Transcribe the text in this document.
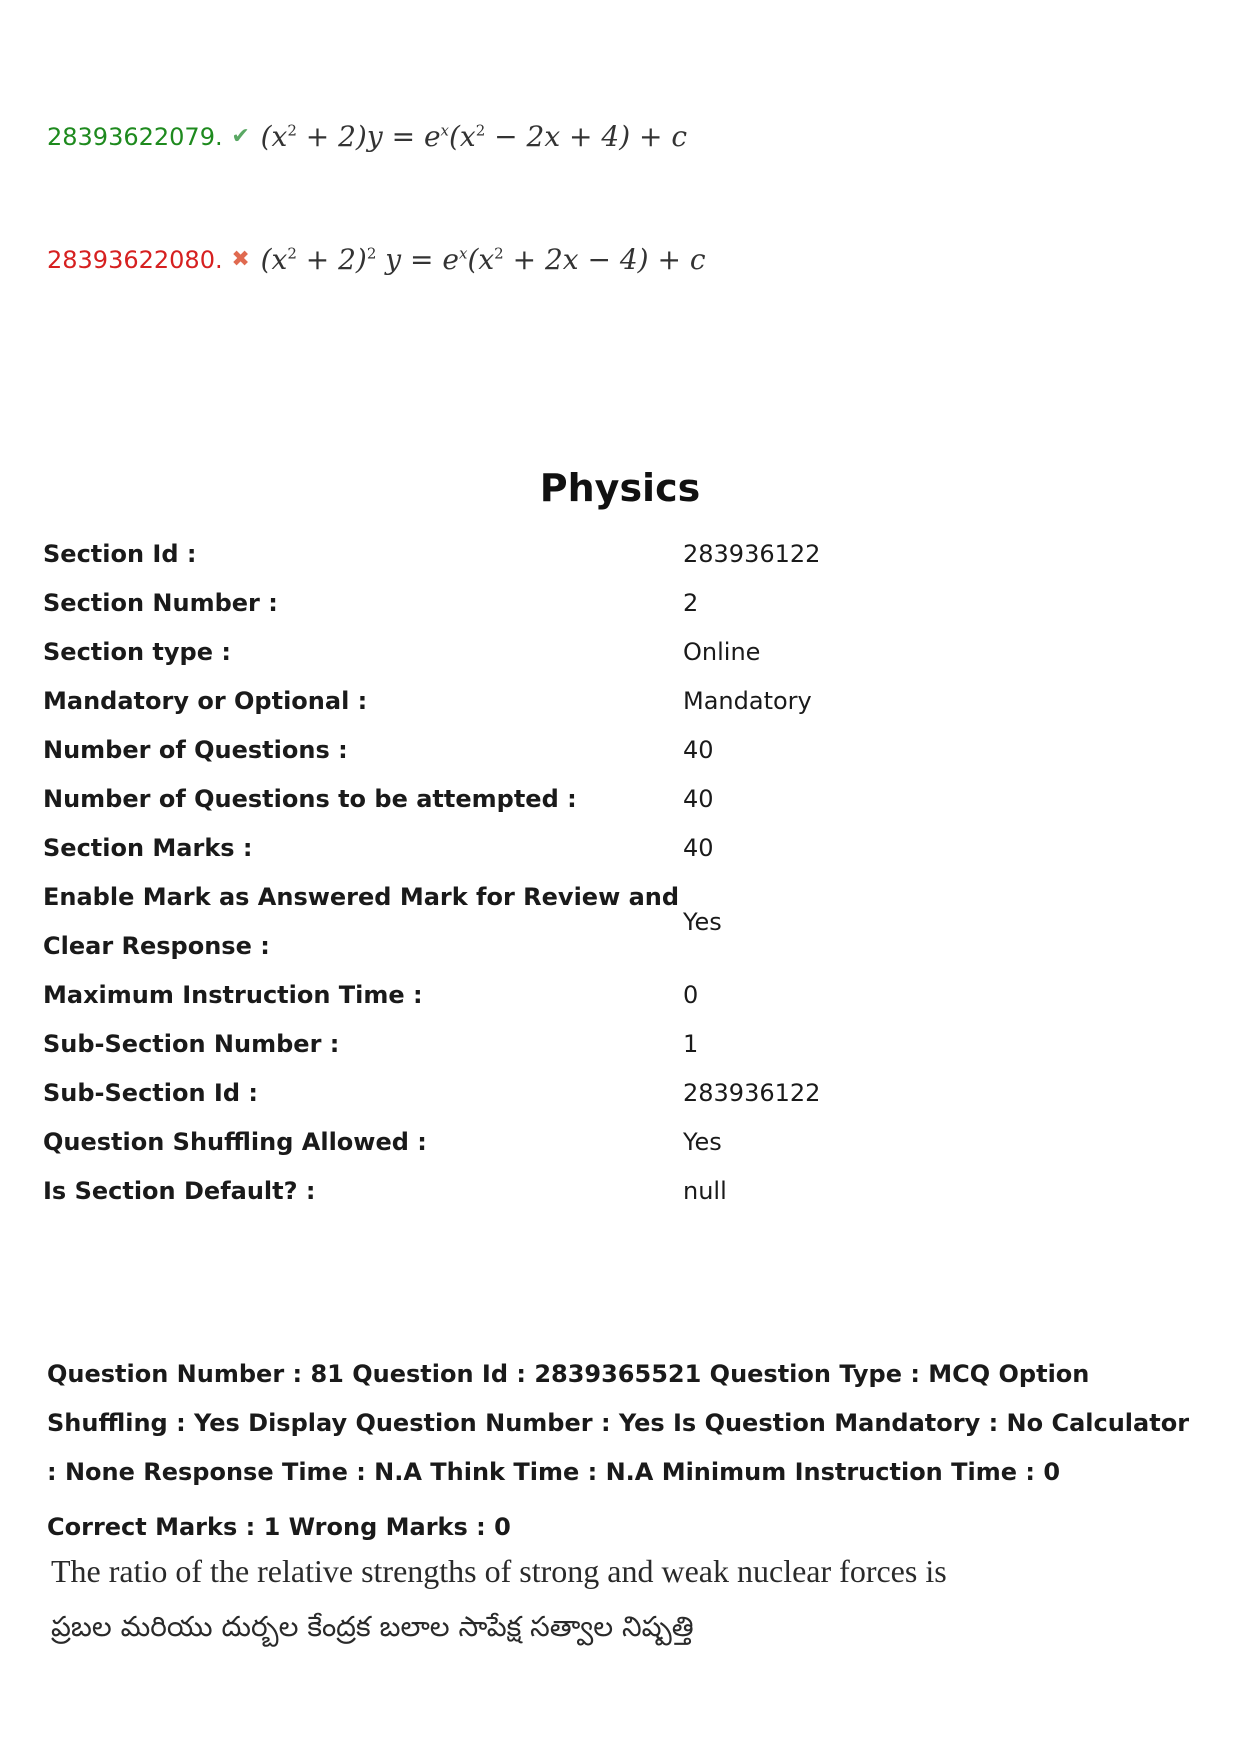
28393622079. ✔ $(x^2 + 2)y = e^x(x^2 - 2x + 4) + c$
28393622080. ✖ $(x^2 + 2)^2$ $y = e^x(x^2 + 2x - 4) + c$
Physics
Section Id :	283936122
Section Number :	2
Section type :	Online
Mandatory or Optional :	Mandatory
Number of Questions :	40
Number of Questions to be attempted :	40
Section Marks :	40
Enable Mark as Answered Mark for Review and Clear Response :
Yes
Maximum Instruction Time :	0
Sub-Section Number :	1
Sub-Section Id :	283936122
Question Shuffling Allowed :	Yes
Is Section Default? :	null
Question Number : 81 Question Id : 2839365521 Question Type : MCQ Option Shuffling : Yes Display Question Number : Yes Is Question Mandatory : No Calculator : None Response Time : N.A Think Time : N.A Minimum Instruction Time : 0
Correct Marks : 1 Wrong Marks : 0
The ratio of the relative strengths of strong and weak nuclear forces is
ప్రబల మరియు దుర్బల కేంద్రక బలాల సాపేక్ష సత్వాల నిష్పత్తి
